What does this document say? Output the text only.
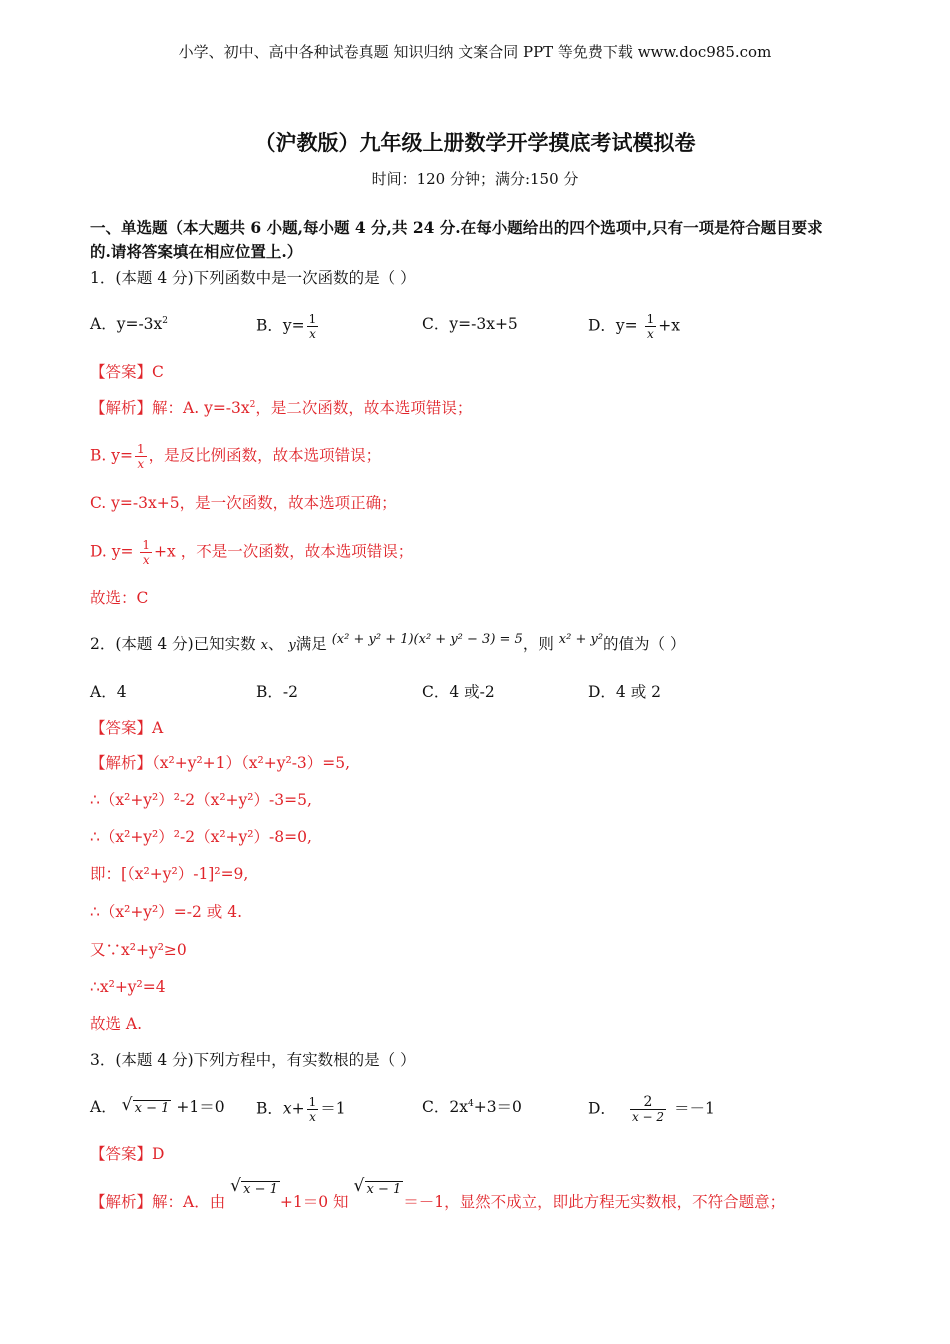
小学、初中、高中各种试卷真题 知识归纳 文案合同 PPT 等免费下载 www.doc985.com
（沪教版）九年级上册数学开学摸底考试模拟卷
时间：120 分钟；满分:150 分
一、单选题（本大题共 6 小题,每小题 4 分,共 24 分.在每小题给出的四个选项中,只有一项是符合题目要求
的.请将答案填在相应位置上.）
1．(本题 4 分)下列函数中是一次函数的是（ ）
A．$y=-3x^2$	B．$y= \frac{1}{x}$	C．y=-3x+5	D．$y= \frac{1}{x} +x$
【答案】C
【解析】解：A. $y=-3x^2$，是二次函数，故本选项错误；
B. $y= \frac{1}{x}$ ，是反比例函数，故本选项错误；
C. y=-3x+5，是一次函数，故本选项正确；
D. $y= \frac{1}{x} +x$ ，不是一次函数，故本选项错误；
故选：C
2．(本题 4 分)已知实数 x、 y满足 $^{(x^2 + y^2 + 1)(x^2 + y^2 - 3) = 5}$，则 $^{x^2 + y^2}$的值为（ ）
A．4	B．-2	C．4 或-2	D．4 或 2
【答案】A
【解析】（x²+y²+1）（x²+y²-3）=5,
∴（x²+y²）²-2（x²+y²）-3=5,
∴（x²+y²）²-2（x²+y²）-8=0,
即：[（x²+y²）-1]²=9,
∴（x²+y²）=-2 或 4.
又∵x²+y²≥0
∴x²+y²=4
故选 A.
3．(本题 4 分)下列方程中，有实数根的是（ ）
A． √ x − 1 +1＝0 B．$x+ \frac{1}{x} =1$	C．$2x^4+3=0$	D． $\frac{2}{x - 2} =-1$
【答案】D
【解析】解：A．由 √ x − 1+1＝0 知 √ x − 1＝－1，显然不成立，即此方程无实数根，不符合题意；
